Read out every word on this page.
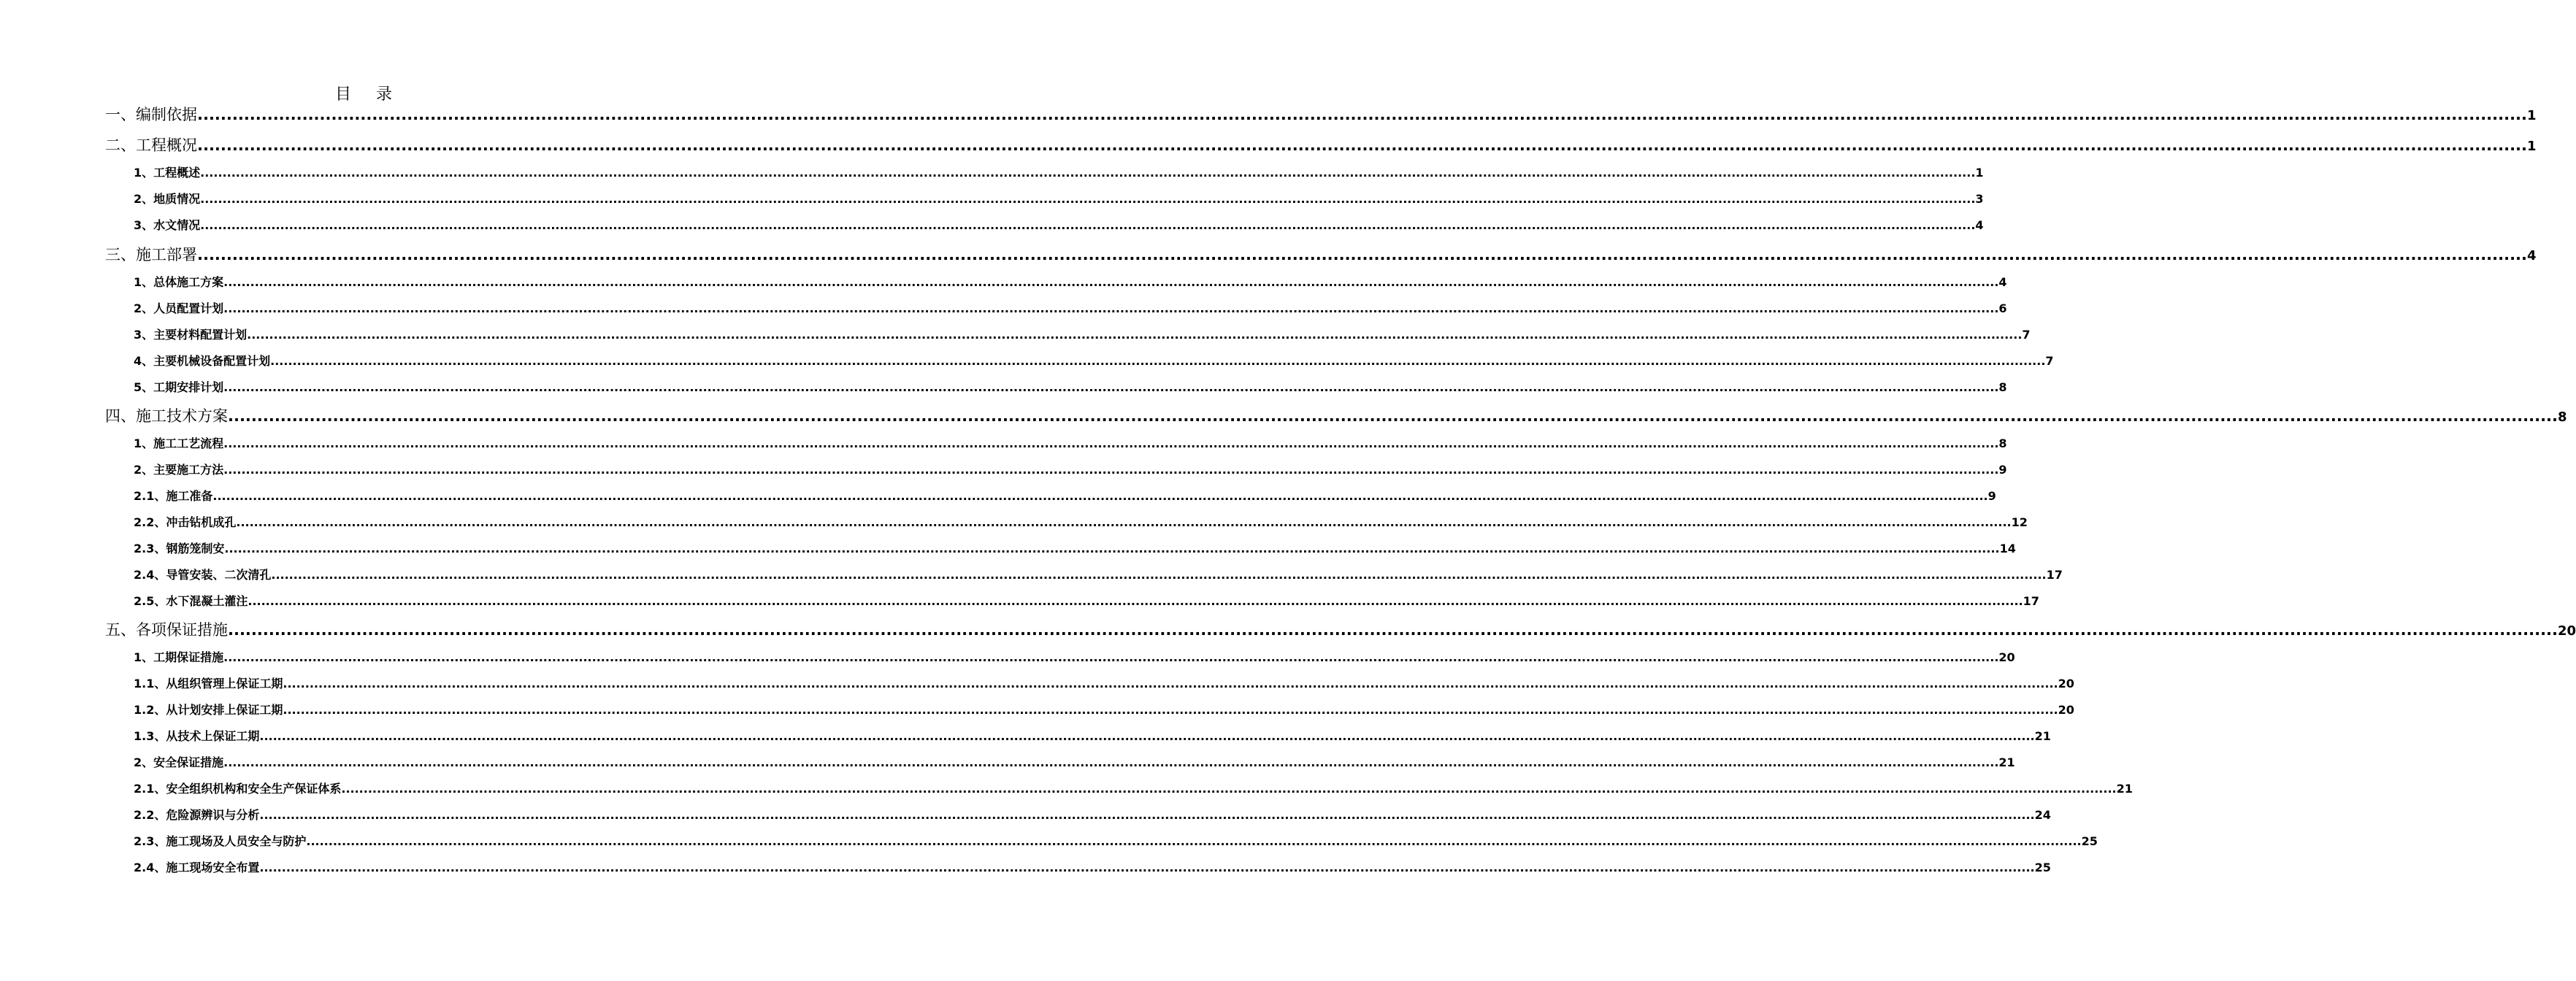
目录
一、编制依据 ................................................................................................................................................................................................................................................................................................................................................................................................................ 1
二、工程概况 ................................................................................................................................................................................................................................................................................................................................................................................................................ 1
1、工程概述 ................................................................................................................................................................................................................................................................................................................................................................................................................ 1
2、地质情况 ................................................................................................................................................................................................................................................................................................................................................................................................................ 3
3、水文情况 ................................................................................................................................................................................................................................................................................................................................................................................................................ 4
三、施工部署 ................................................................................................................................................................................................................................................................................................................................................................................................................ 4
1、总体施工方案 ................................................................................................................................................................................................................................................................................................................................................................................................................ 4
2、人员配置计划 ................................................................................................................................................................................................................................................................................................................................................................................................................ 6
3、主要材料配置计划 ................................................................................................................................................................................................................................................................................................................................................................................................................ 7
4、主要机械设备配置计划 ................................................................................................................................................................................................................................................................................................................................................................................................................ 7
5、工期安排计划 ................................................................................................................................................................................................................................................................................................................................................................................................................ 8
四、施工技术方案 ................................................................................................................................................................................................................................................................................................................................................................................................................ 8
1、施工工艺流程 ................................................................................................................................................................................................................................................................................................................................................................................................................ 8
2、主要施工方法 ................................................................................................................................................................................................................................................................................................................................................................................................................ 9
2.1、施工准备 ................................................................................................................................................................................................................................................................................................................................................................................................................ 9
2.2、冲击钻机成孔 ................................................................................................................................................................................................................................................................................................................................................................................................................ 12
2.3、钢筋笼制安 ................................................................................................................................................................................................................................................................................................................................................................................................................ 14
2.4、导管安装、二次清孔 ................................................................................................................................................................................................................................................................................................................................................................................................................ 17
2.5、水下混凝土灌注 ................................................................................................................................................................................................................................................................................................................................................................................................................ 17
五、各项保证措施 ................................................................................................................................................................................................................................................................................................................................................................................................................ 20
1、工期保证措施 ................................................................................................................................................................................................................................................................................................................................................................................................................ 20
1.1、从组织管理上保证工期 ................................................................................................................................................................................................................................................................................................................................................................................................................ 20
1.2、从计划安排上保证工期 ................................................................................................................................................................................................................................................................................................................................................................................................................ 20
1.3、从技术上保证工期 ................................................................................................................................................................................................................................................................................................................................................................................................................ 21
2、安全保证措施 ................................................................................................................................................................................................................................................................................................................................................................................................................ 21
2.1、安全组织机构和安全生产保证体系 ................................................................................................................................................................................................................................................................................................................................................................................................................ 21
2.2、危险源辨识与分析 ................................................................................................................................................................................................................................................................................................................................................................................................................ 24
2.3、施工现场及人员安全与防护 ................................................................................................................................................................................................................................................................................................................................................................................................................ 25
2.4、施工现场安全布置 ................................................................................................................................................................................................................................................................................................................................................................................................................ 25
